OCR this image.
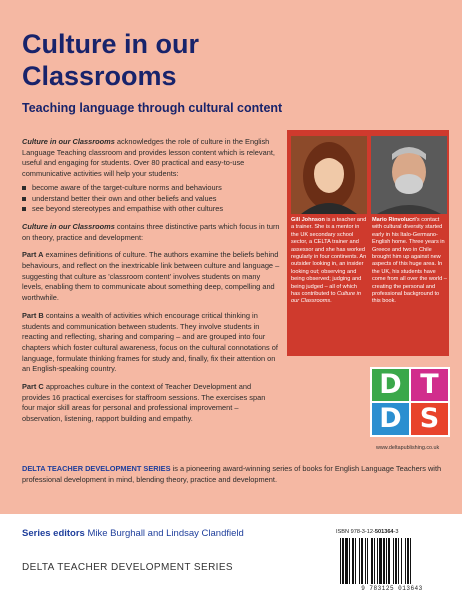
Culture in our Classrooms
Teaching language through cultural content

Culture in our Classrooms acknowledges the role of culture in the English Language Teaching classroom and provides lesson content which is relevant, useful and engaging for students. Over 80 practical and easy-to-use communicative activities will help your students:

become aware of the target-culture norms and behaviours
understand better their own and other beliefs and values
see beyond stereotypes and empathise with other cultures

Culture in our Classrooms contains three distinctive parts which focus in turn on theory, practice and development:

Part A examines definitions of culture. The authors examine the beliefs behind behaviours, and reflect on the inextricable link between culture and language – suggesting that culture as 'classroom content' involves students on many levels, enabling them to communicate about something deep, compelling and worthwhile.

Part B contains a wealth of activities which encourage critical thinking in students and communication between students. They involve students in reacting and reflecting, sharing and comparing – and are grouped into four chapters which foster cultural awareness, focus on the cultural connotations of language, formulate thinking frames for study and, finally, fix their attention on an English-speaking country.

Part C approaches culture in the context of Teacher Development and provides 16 practical exercises for staffroom sessions. The exercises span four major skill areas for personal and professional improvement – observation, listening, rapport building and empathy.

Gill Johnson is a teacher and a trainer. She is a mentor in the UK secondary school sector, a CELTA trainer and assessor and she has worked regularly in four continents. An outsider looking in, an insider looking out; observing and being observed; judging and being judged – all of which has contributed to Culture in our Classrooms.
Mario Rinvolucri's contact with cultural diversity started early in his Italo-Germano-English home. Three years in Greece and two in Chile brought him up against new aspects of this huge area. In the UK, his students have come from all over the world – creating the personal and professional background to this book.
D T
D S
www.deltapublishing.co.uk
DELTA TEACHER DEVELOPMENT SERIES is a pioneering award-winning series of books for English Language Teachers with professional development in mind, blending theory, practice and development.
Series editors Mike Burghall and Lindsay Clandfield
DELTA TEACHER DEVELOPMENT SERIES
ISBN 978-3-12-501364-3
9 783125 013643
